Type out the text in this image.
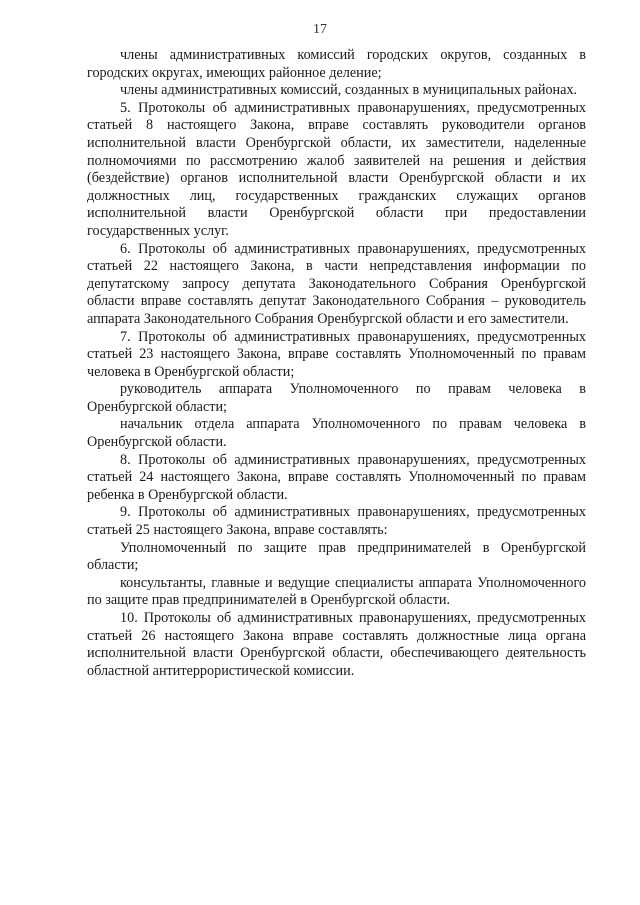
17

члены административных комиссий городских округов, созданных в городских округах, имеющих районное деление;

члены административных комиссий, созданных в муниципальных районах.

5. Протоколы об административных правонарушениях, предусмотренных статьей 8 настоящего Закона, вправе составлять руководители органов исполнительной власти Оренбургской области, их заместители, наделенные полномочиями по рассмотрению жалоб заявителей на решения и действия (бездействие) органов исполнительной власти Оренбургской области и их должностных лиц, государственных гражданских служащих органов исполнительной власти Оренбургской области при предоставлении государственных услуг.

6. Протоколы об административных правонарушениях, предусмотренных статьей 22 настоящего Закона, в части непредставления информации по депутатскому запросу депутата Законодательного Собрания Оренбургской области вправе составлять депутат Законодательного Собрания – руководитель аппарата Законодательного Собрания Оренбургской области и его заместители.

7. Протоколы об административных правонарушениях, предусмотренных статьей 23 настоящего Закона, вправе составлять Уполномоченный по правам человека в Оренбургской области;

руководитель аппарата Уполномоченного по правам человека в Оренбургской области;

начальник отдела аппарата Уполномоченного по правам человека в Оренбургской области.

8. Протоколы об административных правонарушениях, предусмотренных статьей 24 настоящего Закона, вправе составлять Уполномоченный по правам ребенка в Оренбургской области.

9. Протоколы об административных правонарушениях, предусмотренных статьей 25 настоящего Закона, вправе составлять:

Уполномоченный по защите прав предпринимателей в Оренбургской области;

консультанты, главные и ведущие специалисты аппарата Уполномоченного по защите прав предпринимателей в Оренбургской области.

10. Протоколы об административных правонарушениях, предусмотренных статьей 26 настоящего Закона вправе составлять должностные лица органа исполнительной власти Оренбургской области, обеспечивающего деятельность областной антитеррористической комиссии.
